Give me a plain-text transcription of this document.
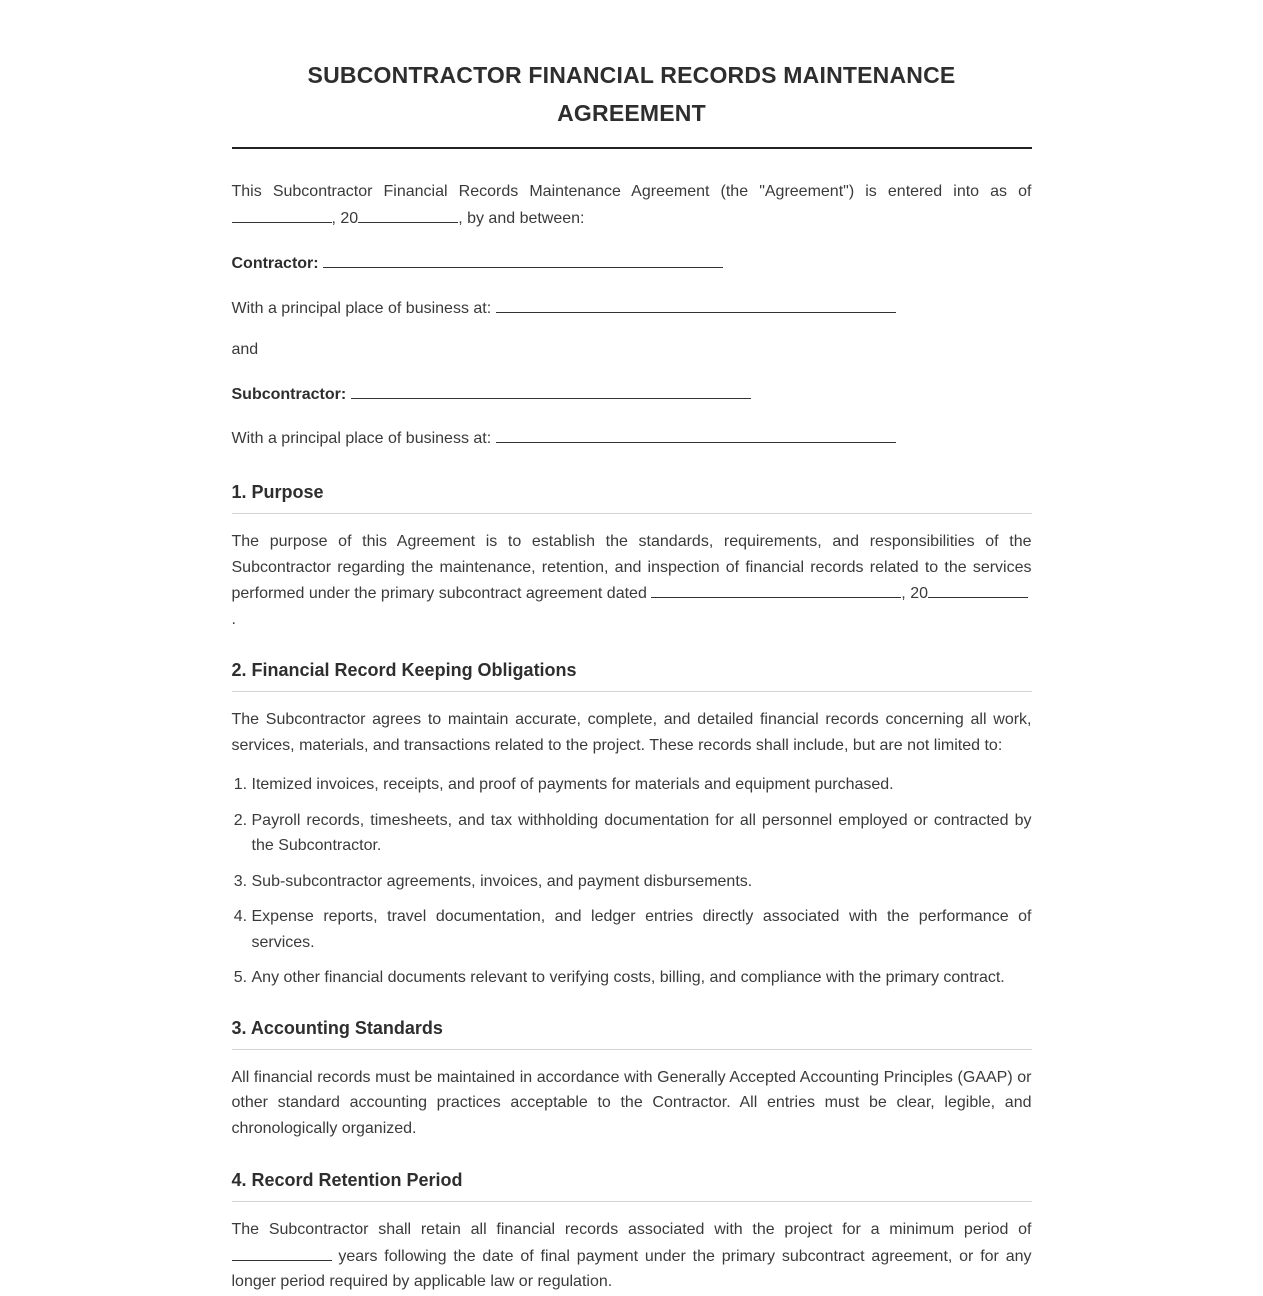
SUBCONTRACTOR FINANCIAL RECORDS MAINTENANCE
AGREEMENT

This Subcontractor Financial Records Maintenance Agreement (the "Agreement") is entered into as of , 20	, by and between:

Contractor:
With a principal place of business at:
and
Subcontractor:
With a principal place of business at:
1. Purpose

The purpose of this Agreement is to establish the standards, requirements, and responsibilities of the Subcontractor regarding the maintenance, retention, and inspection of financial records related to the services performed under the primary subcontract agreement dated	, 20
.

2. Financial Record Keeping Obligations

The Subcontractor agrees to maintain accurate, complete, and detailed financial records concerning all work, services, materials, and transactions related to the project. These records shall include, but are not limited to:

1. Itemized invoices, receipts, and proof of payments for materials and equipment purchased.
2. Payroll records, timesheets, and tax withholding documentation for all personnel employed or contracted by the Subcontractor.
3. Sub-subcontractor agreements, invoices, and payment disbursements.
4. Expense reports, travel documentation, and ledger entries directly associated with the performance of services.
5. Any other financial documents relevant to verifying costs, billing, and compliance with the primary contract.
3. Accounting Standards

All financial records must be maintained in accordance with Generally Accepted Accounting Principles (GAAP) or other standard accounting practices acceptable to the Contractor. All entries must be clear, legible, and chronologically organized.

4. Record Retention Period

The Subcontractor shall retain all financial records associated with the project for a minimum period of  years following the date of final payment under the primary subcontract agreement, or for any longer period required by applicable law or regulation.
